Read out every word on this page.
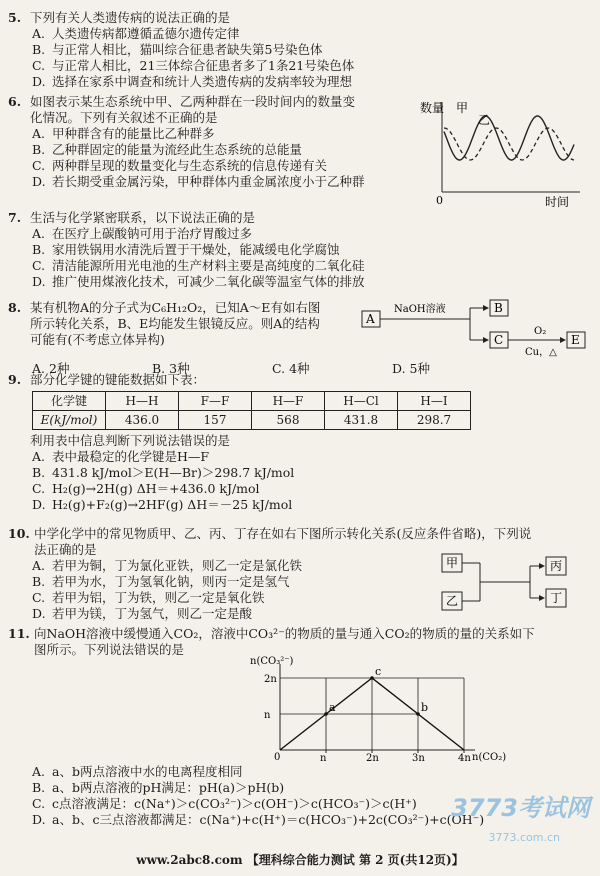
5. 下列有关人类遗传病的说法正确的是

A. 人类遗传病都遵循孟德尔遗传定律

B. 与正常人相比，猫叫综合征患者缺失第5号染色体

C. 与正常人相比，21三体综合征患者多了1条21号染色体

D. 选择在家系中调查和统计人类遗传病的发病率较为理想

6. 如图表示某生态系统中甲、乙两种群在一段时间内的数量变

化情况。下列有关叙述不正确的是

A. 甲种群含有的能量比乙种群多

B. 乙种群固定的能量为流经此生态系统的总能量

C. 两种群呈现的数量变化与生态系统的信息传递有关

D. 若长期受重金属污染，甲种群体内重金属浓度小于乙种群

数量
时间
0
甲
乙

7. 生活与化学紧密联系，以下说法正确的是

A. 在医疗上碳酸钠可用于治疗胃酸过多

B. 家用铁锅用水清洗后置于干燥处，能减缓电化学腐蚀

C. 清洁能源所用光电池的生产材料主要是高纯度的二氧化硅

D. 推广使用煤液化技术，可减少二氧化碳等温室气体的排放

8. 某有机物A的分子式为C₆H₁₂O₂，已知A～E有如右图

所示转化关系，B、E均能发生银镜反应。则A的结构

可能有(不考虑立体异构)

A. 2种	B. 3种	C. 4种	D. 5种

A
NaOH溶液	B
C
O₂
Cu，△
E

9. 部分化学键的键能数据如下表：

化学键	H—H	F—F	H—F	H—Cl	H—I
E(kJ/mol)	436.0	157	568	431.8	298.7

利用表中信息判断下列说法错误的是

A. 表中最稳定的化学键是H—F

B. 431.8 kJ/mol＞E(H—Br)＞298.7 kJ/mol

C. H₂(g)→2H(g) ΔH＝+436.0 kJ/mol

D. H₂(g)+F₂(g)→2HF(g) ΔH＝－25 kJ/mol

10. 中学化学中的常见物质甲、乙、丙、丁存在如右下图所示转化关系(反应条件省略)，下列说

法正确的是

A. 若甲为铜，丁为氯化亚铁，则乙一定是氯化铁

B. 若甲为水，丁为氢氧化钠，则丙一定是氢气

C. 若甲为铝，丁为铁，则乙一定是氧化铁

D. 若甲为镁，丁为氢气，则乙一定是酸

甲
乙
丙
丁

11. 向NaOH溶液中缓慢通入CO₂，溶液中CO₃²⁻的物质的量与通入CO₂的物质的量的关系如下

图所示。下列说法错误的是

n(CO₃²⁻)
n(CO₂)
0	n	2n	3n	4n
n
2n
a
c
b

A. a、b两点溶液中水的电离程度相同

B. a、b两点溶液的pH满足：pH(a)＞pH(b)

C. c点溶液满足：c(Na⁺)＞c(CO₃²⁻)＞c(OH⁻)＞c(HCO₃⁻)＞c(H⁺)

D. a、b、c三点溶液都满足：c(Na⁺)+c(H⁺)＝c(HCO₃⁻)+2c(CO₃²⁻)+c(OH⁻)

3773考试网
3773.com.cn
www.2abc8.com 【理科综合能力测试 第 2 页(共12页)】
